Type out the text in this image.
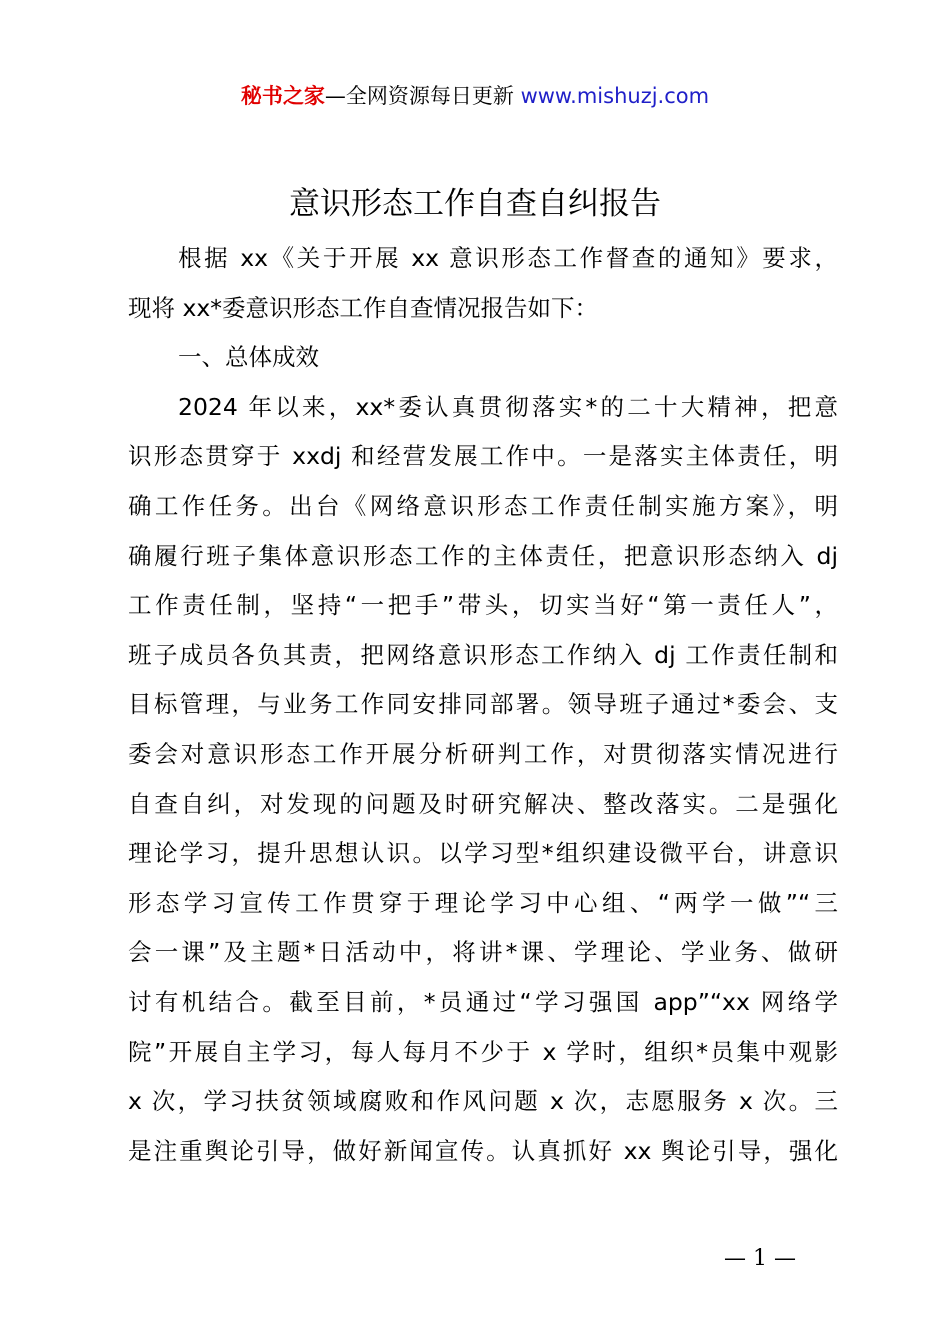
秘书之家—全网资源每日更新 www.mishuzj.com
意识形态工作自查自纠报告

根据 xx《关于开展 xx 意识形态工作督查的通知》要求，
现将 xx*委意识形态工作自查情况报告如下：

一、总体成效

2024 年以来，xx*委认真贯彻落实*的二十大精神，把意
识形态贯穿于 xxdj 和经营发展工作中。一是落实主体责任，明
确工作任务。出台《网络意识形态工作责任制实施方案》，明
确履行班子集体意识形态工作的主体责任，把意识形态纳入 dj
工作责任制，坚持“一把手”带头，切实当好“第一责任人”，
班子成员各负其责，把网络意识形态工作纳入 dj 工作责任制和
目标管理，与业务工作同安排同部署。领导班子通过*委会、支
委会对意识形态工作开展分析研判工作，对贯彻落实情况进行
自查自纠，对发现的问题及时研究解决、整改落实。二是强化
理论学习，提升思想认识。以学习型*组织建设微平台，讲意识
形态学习宣传工作贯穿于理论学习中心组、“两学一做”“三
会一课”及主题*日活动中，将讲*课、学理论、学业务、做研
讨有机结合。截至目前，*员通过“学习强国 app”“xx 网络学
院”开展自主学习，每人每月不少于 x 学时，组织*员集中观影
x 次，学习扶贫领域腐败和作风问题 x 次，志愿服务 x 次。三
是注重舆论引导，做好新闻宣传。认真抓好 xx 舆论引导，强化

— 1 —
